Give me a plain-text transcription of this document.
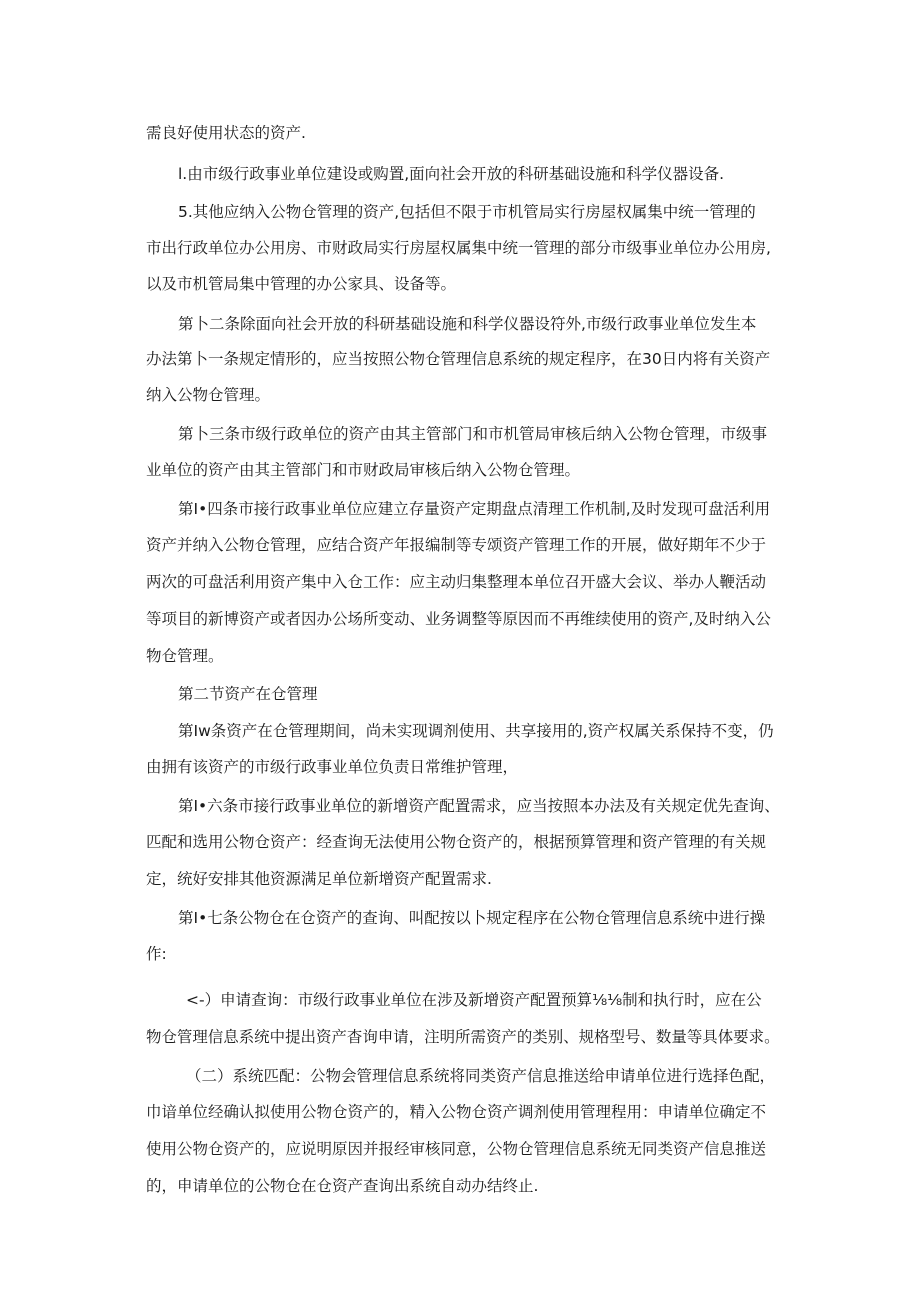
需良好使用状态的资产.
l.由市级行政事业单位建设或购置,面向社会开放的科研基础设施和科学仪器设备.
5.其他应纳入公物仓管理的资产,包括但不限于市机管局实行房屋权属集中统一管理的
市出行政单位办公用房、市财政局实行房屋权属集中统一管理的部分市级事业单位办公用房,
以及市机管局集中管理的办公家具、设备等。
第卜二条除面向社会开放的科研基础设施和科学仪器设符外,市级行政事业单位发生本
办法第卜一条规定情形的，应当按照公物仓管理信息系统的规定程序，在30日内将有关资产
纳入公物仓管理。
第卜三条市级行政单位的资产由其主管部门和市机管局审核后纳入公物仓管理，市级事
业单位的资产由其主管部门和市财政局审核后纳入公物仓管理。
第I•四条市接行政事业单位应建立存量资产定期盘点清理工作机制,及时发现可盘活利用
资产并纳入公物仓管理，应结合资产年报编制等专颂资产管理工作的开展，做好期年不少于
两次的可盘活利用资产集中入仓工作：应主动归集整理本单位召开盛大会议、举办人鞭活动
等项目的新博资产或者因办公场所变动、业务调整等原因而不再维续使用的资产,及时纳入公
物仓管理。
第二节资产在仓管理
第Iw条资产在仓管理期间，尚未实现调剂使用、共享接用的,资产权属关系保持不变，仍
由拥有该资产的市级行政事业单位负责日常维护管理，
第I•六条市接行政事业单位的新增资产配置需求，应当按照本办法及有关规定优先查询、
匹配和选用公物仓资产：经查询无法使用公物仓资产的，根据预算管理和资产管理的有关规
定，统好安排其他资源满足单位新增资产配置需求.
第I•七条公物仓在仓资产的查询、叫配按以卜规定程序在公物仓管理信息系统中进行操
作:
<-）申请查询：市级行政事业单位在涉及新增资产配置预算⅛⅛制和执行时，应在公
物仓管理信息系统中提出资产杳询申请，注明所需资产的类别、规格型号、数量等具体要求。
（二）系统匹配：公物会管理信息系统将同类资产信息推送给申请单位进行选择色配，
巾谙单位经确认拟使用公物仓资产的，精入公物仓资产调剂使用管理程用：申请单位确定不
使用公物仓资产的，应说明原因并报经审核同意，公物仓管理信息系统无同类资产信息推送
的，申请单位的公物仓在仓资产查询出系统自动办结终止.
